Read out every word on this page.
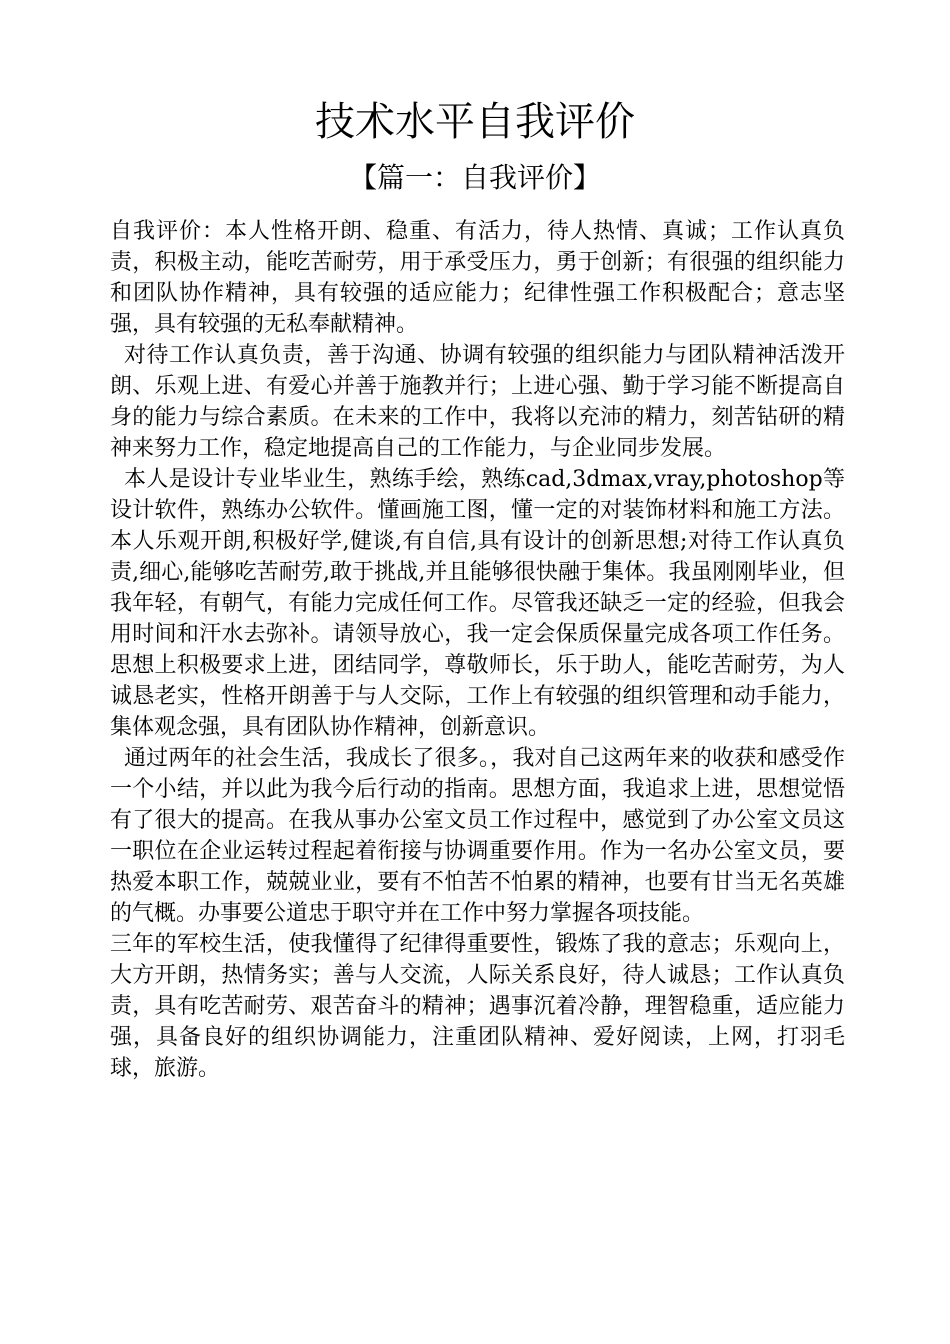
技术水平自我评价
【篇一：自我评价】

自我评价：本人性格开朗、稳重、有活力，待人热情、真诚；工作认真负责，积极主动，能吃苦耐劳，用于承受压力，勇于创新；有很强的组织能力和团队协作精神，具有较强的适应能力；纪律性强工作积极配合；意志坚强，具有较强的无私奉献精神。

对待工作认真负责，善于沟通、协调有较强的组织能力与团队精神活泼开朗、乐观上进、有爱心并善于施教并行；上进心强、勤于学习能不断提高自身的能力与综合素质。在未来的工作中，我将以充沛的精力，刻苦钻研的精神来努力工作，稳定地提高自己的工作能力，与企业同步发展。

本人是设计专业毕业生，熟练手绘，熟练cad,3dmax,vray,photoshop等设计软件，熟练办公软件。懂画施工图，懂一定的对装饰材料和施工方法。本人乐观开朗,积极好学,健谈,有自信,具有设计的创新思想;对待工作认真负责,细心,能够吃苦耐劳,敢于挑战,并且能够很快融于集体。我虽刚刚毕业，但我年轻，有朝气，有能力完成任何工作。尽管我还缺乏一定的经验，但我会用时间和汗水去弥补。请领导放心，我一定会保质保量完成各项工作任务。思想上积极要求上进，团结同学，尊敬师长，乐于助人，能吃苦耐劳，为人诚恳老实，性格开朗善于与人交际，工作上有较强的组织管理和动手能力，集体观念强，具有团队协作精神，创新意识。

通过两年的社会生活，我成长了很多。，我对自己这两年来的收获和感受作一个小结，并以此为我今后行动的指南。思想方面，我追求上进，思想觉悟有了很大的提高。在我从事办公室文员工作过程中，感觉到了办公室文员这一职位在企业运转过程起着衔接与协调重要作用。作为一名办公室文员，要热爱本职工作，兢兢业业，要有不怕苦不怕累的精神，也要有甘当无名英雄的气概。办事要公道忠于职守并在工作中努力掌握各项技能。

三年的军校生活，使我懂得了纪律得重要性，锻炼了我的意志；乐观向上，大方开朗，热情务实；善与人交流，人际关系良好，待人诚恳；工作认真负责，具有吃苦耐劳、艰苦奋斗的精神；遇事沉着冷静，理智稳重，适应能力强，具备良好的组织协调能力，注重团队精神、爱好阅读，上网，打羽毛球，旅游。
